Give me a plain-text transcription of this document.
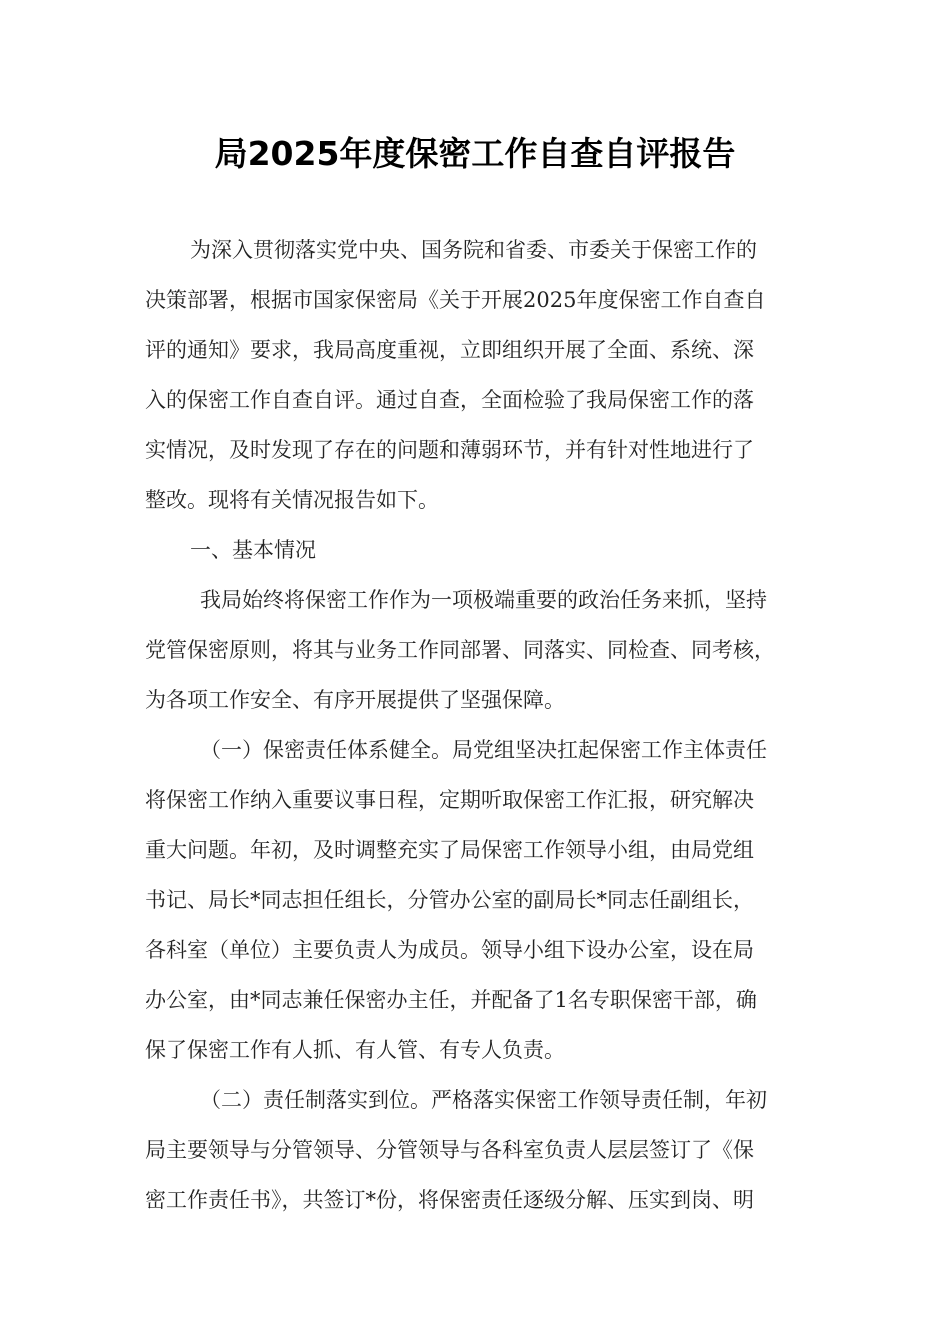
局2025年度保密工作自查自评报告
为深入贯彻落实党中央、国务院和省委、市委关于保密工作的
决策部署，根据市国家保密局《关于开展2025年度保密工作自查自
评的通知》要求，我局高度重视，立即组织开展了全面、系统、深
入的保密工作自查自评。通过自查，全面检验了我局保密工作的落
实情况，及时发现了存在的问题和薄弱环节，并有针对性地进行了
整改。现将有关情况报告如下。
一、基本情况
我局始终将保密工作作为一项极端重要的政治任务来抓，坚持
党管保密原则，将其与业务工作同部署、同落实、同检查、同考核，
为各项工作安全、有序开展提供了坚强保障。
（一）保密责任体系健全。局党组坚决扛起保密工作主体责任
将保密工作纳入重要议事日程，定期听取保密工作汇报，研究解决
重大问题。年初，及时调整充实了局保密工作领导小组，由局党组
书记、局长*同志担任组长，分管办公室的副局长*同志任副组长，
各科室（单位）主要负责人为成员。领导小组下设办公室，设在局
办公室，由*同志兼任保密办主任，并配备了1名专职保密干部，确
保了保密工作有人抓、有人管、有专人负责。
（二）责任制落实到位。严格落实保密工作领导责任制，年初
局主要领导与分管领导、分管领导与各科室负责人层层签订了《保
密工作责任书》，共签订*份，将保密责任逐级分解、压实到岗、明
